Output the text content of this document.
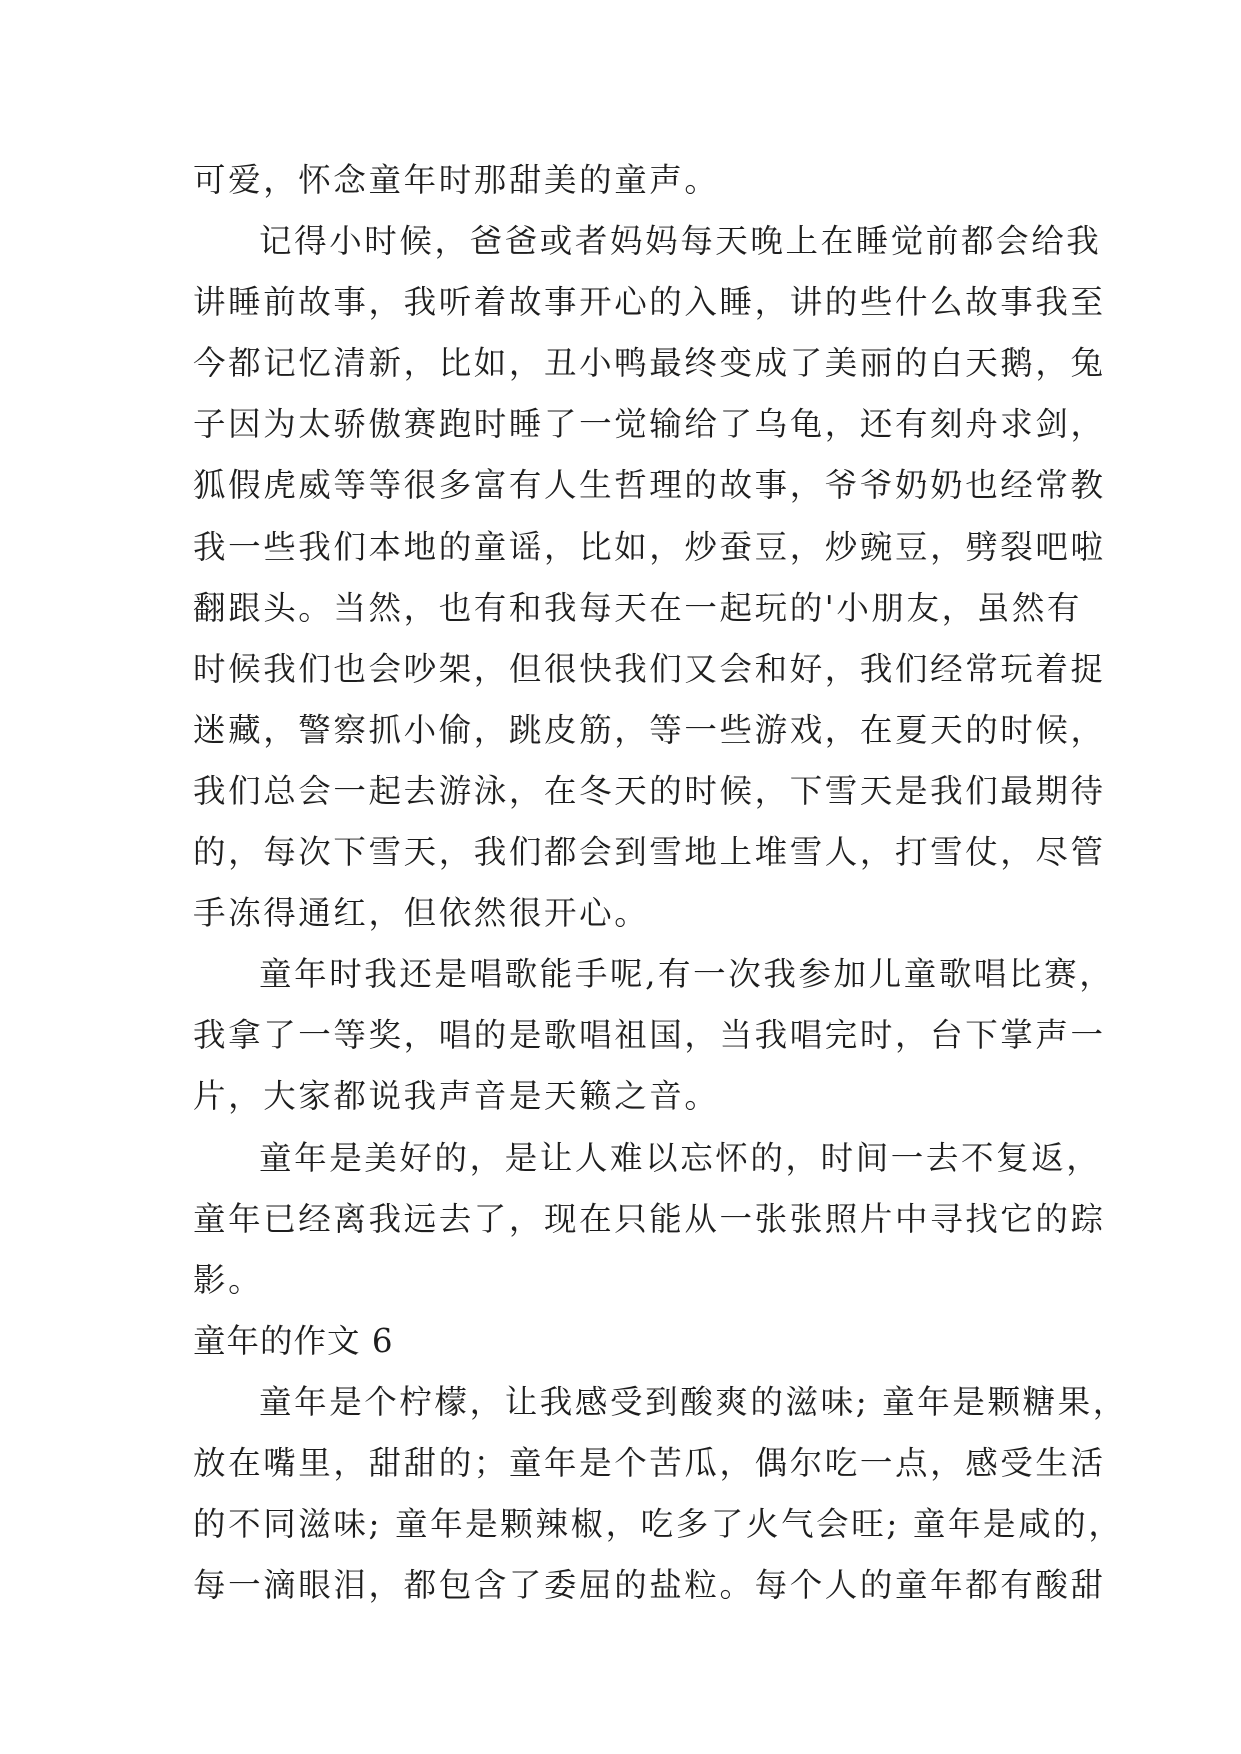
可爱，怀念童年时那甜美的童声。
记得小时候，爸爸或者妈妈每天晚上在睡觉前都会给我
讲睡前故事，我听着故事开心的入睡，讲的些什么故事我至
今都记忆清新，比如，丑小鸭最终变成了美丽的白天鹅，兔
子因为太骄傲赛跑时睡了一觉输给了乌龟，还有刻舟求剑，
狐假虎威等等很多富有人生哲理的故事，爷爷奶奶也经常教
我一些我们本地的童谣，比如，炒蚕豆，炒豌豆，劈裂吧啦
翻跟头。当然，也有和我每天在一起玩的'小朋友，虽然有
时候我们也会吵架，但很快我们又会和好，我们经常玩着捉
迷藏，警察抓小偷，跳皮筋，等一些游戏，在夏天的时候，
我们总会一起去游泳，在冬天的时候，下雪天是我们最期待
的，每次下雪天，我们都会到雪地上堆雪人，打雪仗，尽管
手冻得通红，但依然很开心。
童年时我还是唱歌能手呢,有一次我参加儿童歌唱比赛，
我拿了一等奖，唱的是歌唱祖国，当我唱完时，台下掌声一
片，大家都说我声音是天籁之音。
童年是美好的，是让人难以忘怀的，时间一去不复返，
童年已经离我远去了，现在只能从一张张照片中寻找它的踪
影。
童年的作文 6
童年是个柠檬，让我感受到酸爽的滋味; 童年是颗糖果，
放在嘴里，甜甜的；童年是个苦瓜，偶尔吃一点，感受生活
的不同滋味; 童年是颗辣椒，吃多了火气会旺; 童年是咸的，
每一滴眼泪，都包含了委屈的盐粒。每个人的童年都有酸甜
